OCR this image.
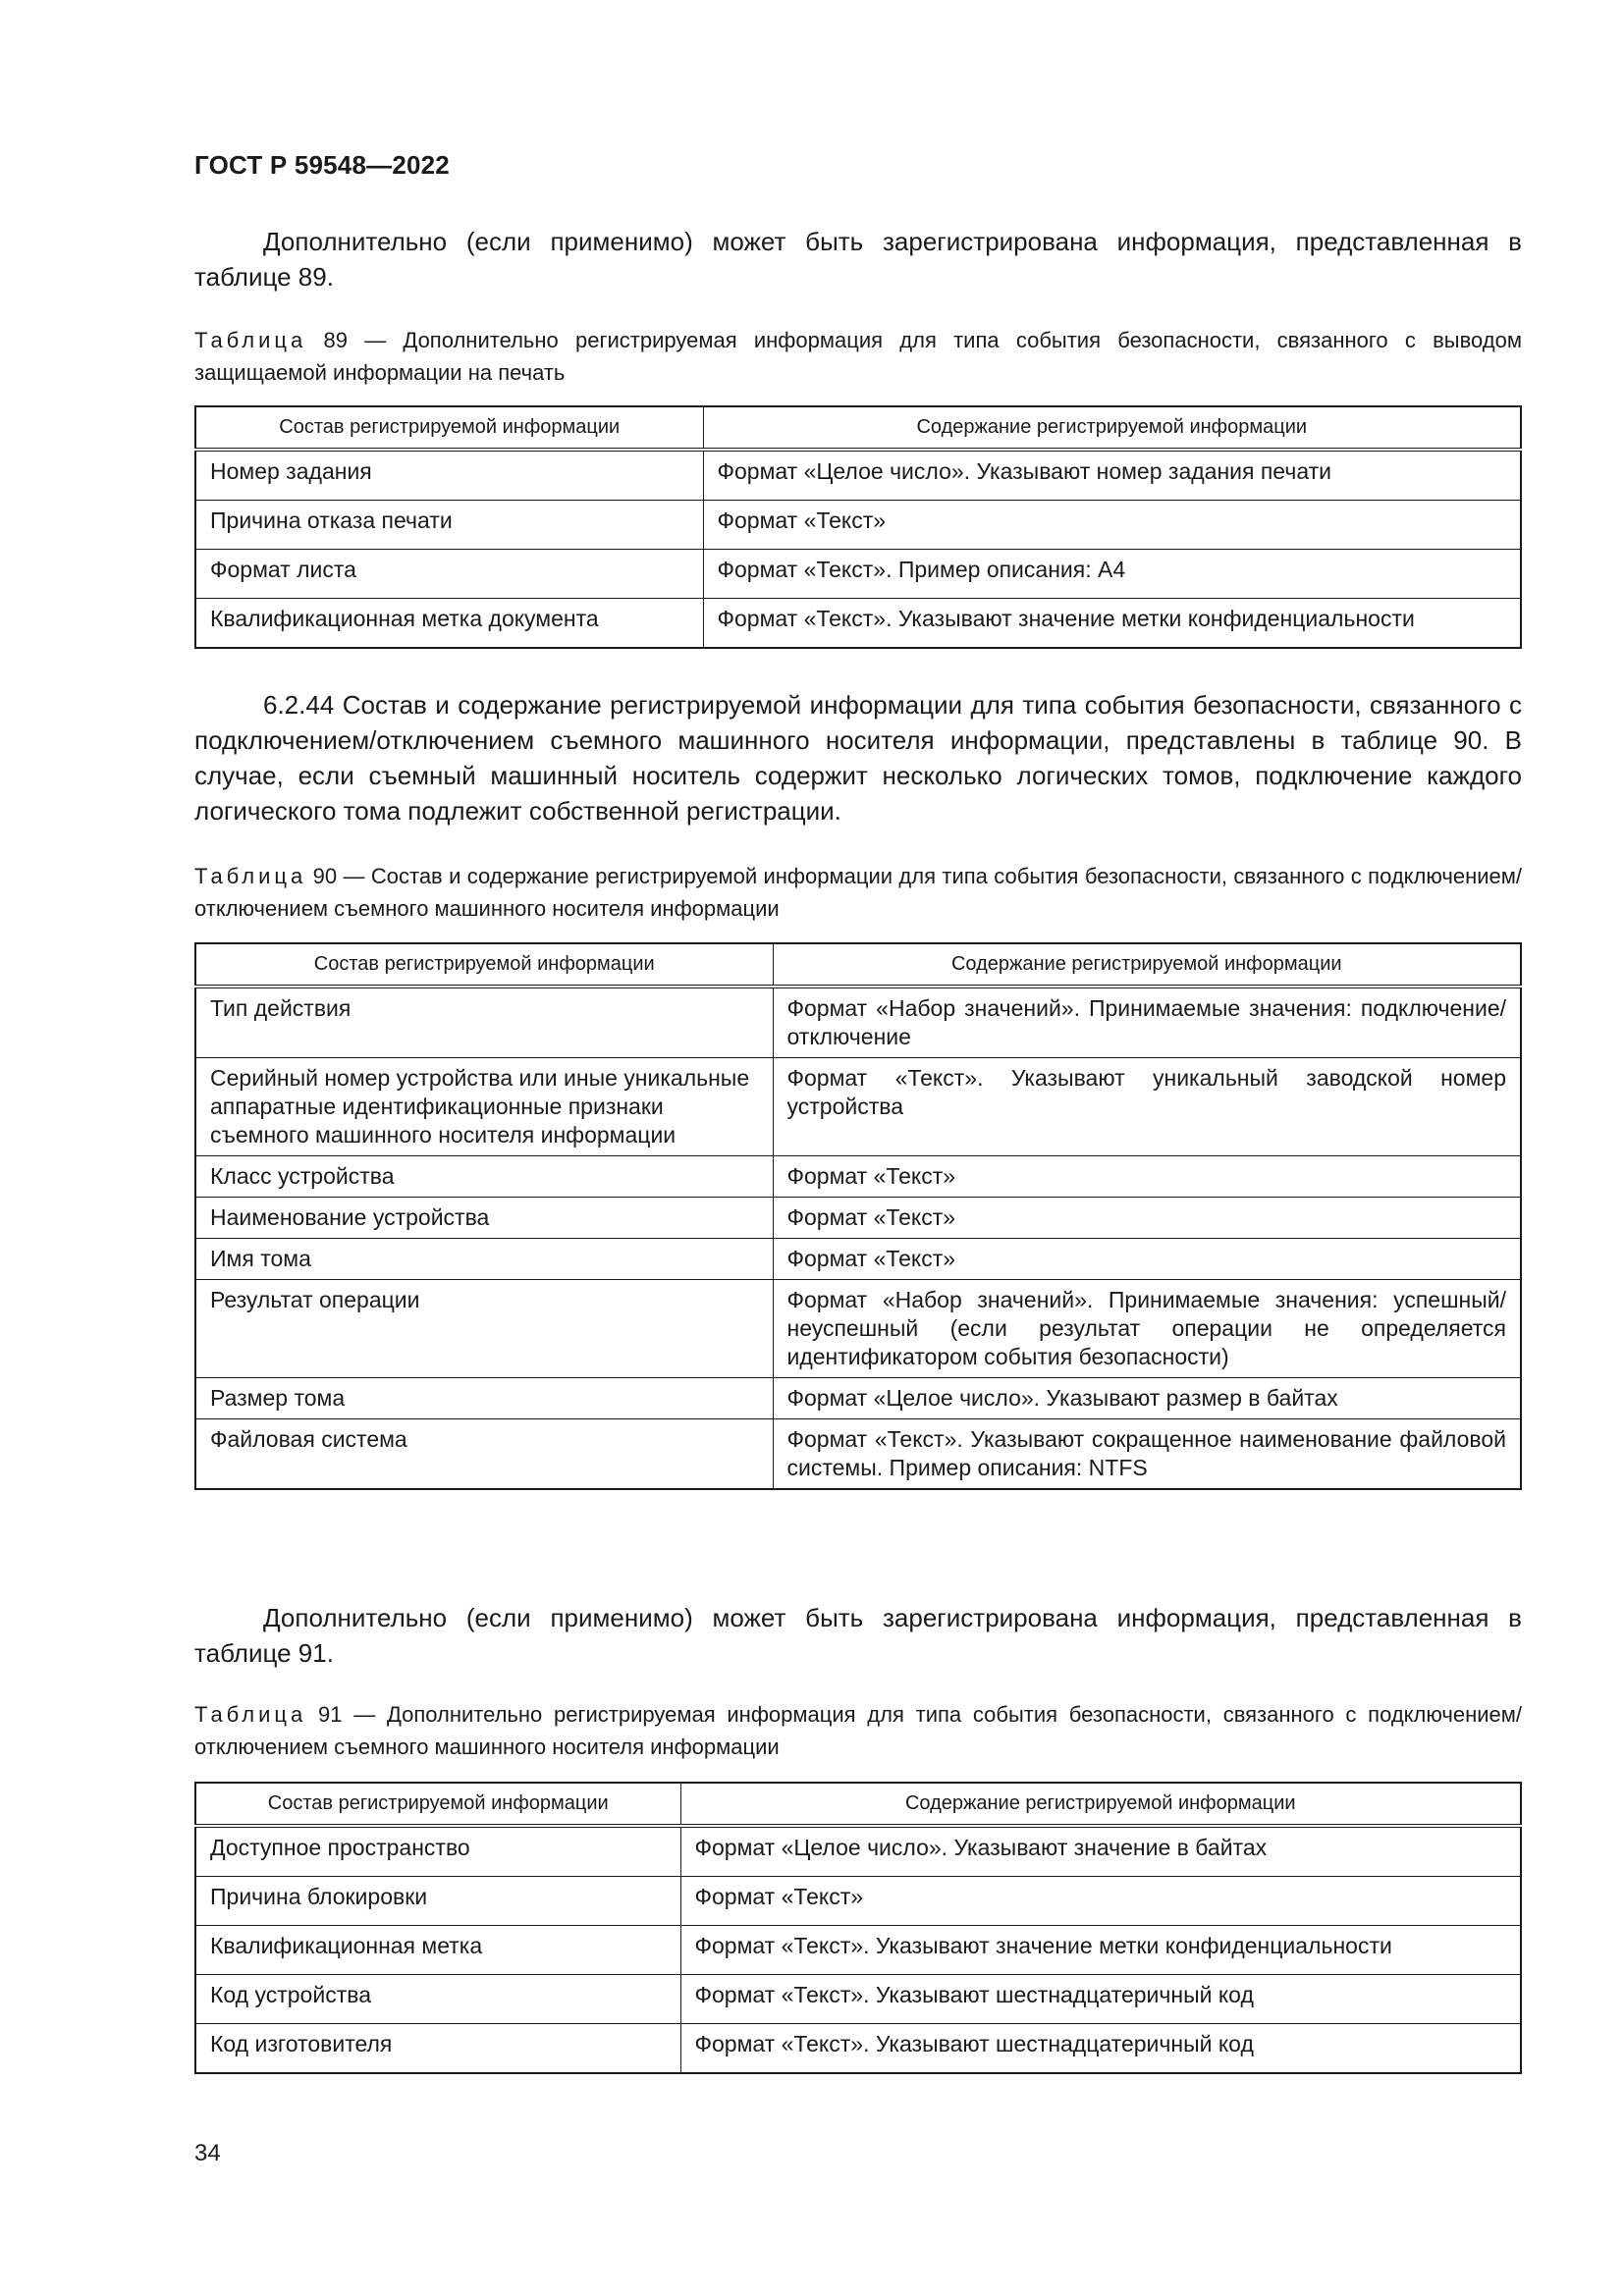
ГОСТ Р 59548—2022

Дополнительно (если применимо) может быть зарегистрирована информация, представленная в таблице 89.

Таблица 89 — Дополнительно регистрируемая информация для типа события безопасности, связанного с выводом защищаемой информации на печать
Состав регистрируемой информации	Содержание регистрируемой информации
Номер задания	Формат «Целое число». Указывают номер задания печати
Причина отказа печати	Формат «Текст»
Формат листа	Формат «Текст». Пример описания: А4
Квалификационная метка документа	Формат «Текст». Указывают значение метки конфиденциальности

6.2.44 Состав и содержание регистрируемой информации для типа события безопасности, связанного с подключением/отключением съемного машинного носителя информации, представлены в таблице 90. В случае, если съемный машинный носитель содержит несколько логических томов, подключение каждого логического тома подлежит собственной регистрации.

Таблица 90 — Состав и содержание регистрируемой информации для типа события безопасности, связанного с подключением/отключением съемного машинного носителя информации
Состав регистрируемой информации	Содержание регистрируемой информации
Тип действия	Формат «Набор значений». Принимаемые значения: подключение/отключение
Серийный номер устройства или иные уникальные аппаратные идентификационные признаки съемного машинного носителя информации	Формат «Текст». Указывают уникальный заводской номер устройства
Класс устройства	Формат «Текст»
Наименование устройства	Формат «Текст»
Имя тома	Формат «Текст»
Результат операции	Формат «Набор значений». Принимаемые значения: успешный/неуспешный (если результат операции не определяется идентификатором события безопасности)
Размер тома	Формат «Целое число». Указывают размер в байтах
Файловая система	Формат «Текст». Указывают сокращенное наименование файловой системы. Пример описания: NTFS

Дополнительно (если применимо) может быть зарегистрирована информация, представленная в таблице 91.

Таблица 91 — Дополнительно регистрируемая информация для типа события безопасности, связанного с подключением/отключением съемного машинного носителя информации
Состав регистрируемой информации	Содержание регистрируемой информации
Доступное пространство	Формат «Целое число». Указывают значение в байтах
Причина блокировки	Формат «Текст»
Квалификационная метка	Формат «Текст». Указывают значение метки конфиденциальности
Код устройства	Формат «Текст». Указывают шестнадцатеричный код
Код изготовителя	Формат «Текст». Указывают шестнадцатеричный код
34
